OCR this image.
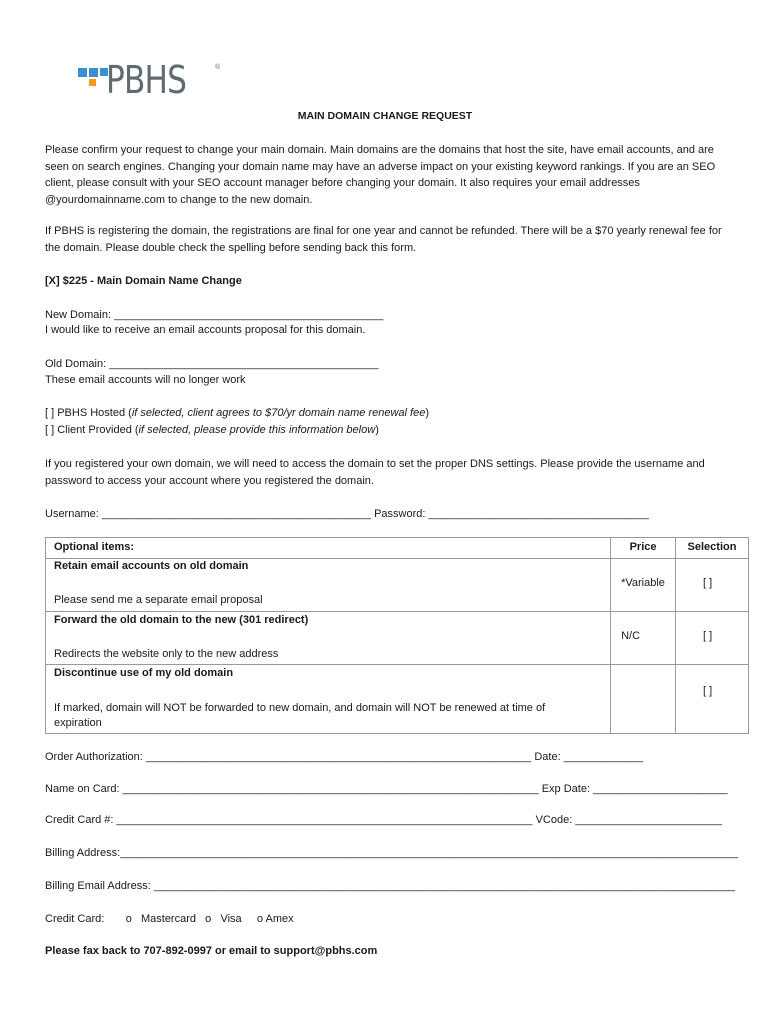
PBHS	®
MAIN DOMAIN CHANGE REQUEST

Please confirm your request to change your main domain. Main domains are the domains that host the site, have email accounts, and are seen on search engines. Changing your domain name may have an adverse impact on your existing keyword rankings. If you are an SEO client, please consult with your SEO account manager before changing your domain. It also requires your email addresses @yourdomainname.com to change to the new domain.

If PBHS is registering the domain, the registrations are final for one year and cannot be refunded. There will be a $70 yearly renewal fee for the domain. Please double check the spelling before sending back this form.

[X] $225 - Main Domain Name Change
New Domain: ____________________________________________
I would like to receive an email accounts proposal for this domain.
Old Domain: ____________________________________________
These email accounts will no longer work
[ ] PBHS Hosted (if selected, client agrees to $70/yr domain name renewal fee)
[ ] Client Provided (if selected, please provide this information below)

If you registered your own domain, we will need to access the domain to set the proper DNS settings. Please provide the username and password to access your account where you registered the domain.

Username: ____________________________________________ Password: ____________________________________
Optional items:	Price	Selection

Retain email accounts on old domain
Please send me a separate email proposal	*Variable	[ ]

Forward the old domain to the new (301 redirect)
Redirects the website only to the new address	N/C	[ ]

Discontinue use of my old domain
If marked, domain will NOT be forwarded to new domain, and domain will NOT be renewed at time of expiration		[ ]
Order Authorization: _______________________________________________________________ Date: _____________
Name on Card: ____________________________________________________________________ Exp Date: ______________________
Credit Card #: ____________________________________________________________________ VCode: ________________________
Billing Address:_____________________________________________________________________________________________________
Billing Email Address: _______________________________________________________________________________________________
Credit Card:       o   Mastercard   o   Visa     o Amex
Please fax back to 707-892-0997 or email to support@pbhs.com
